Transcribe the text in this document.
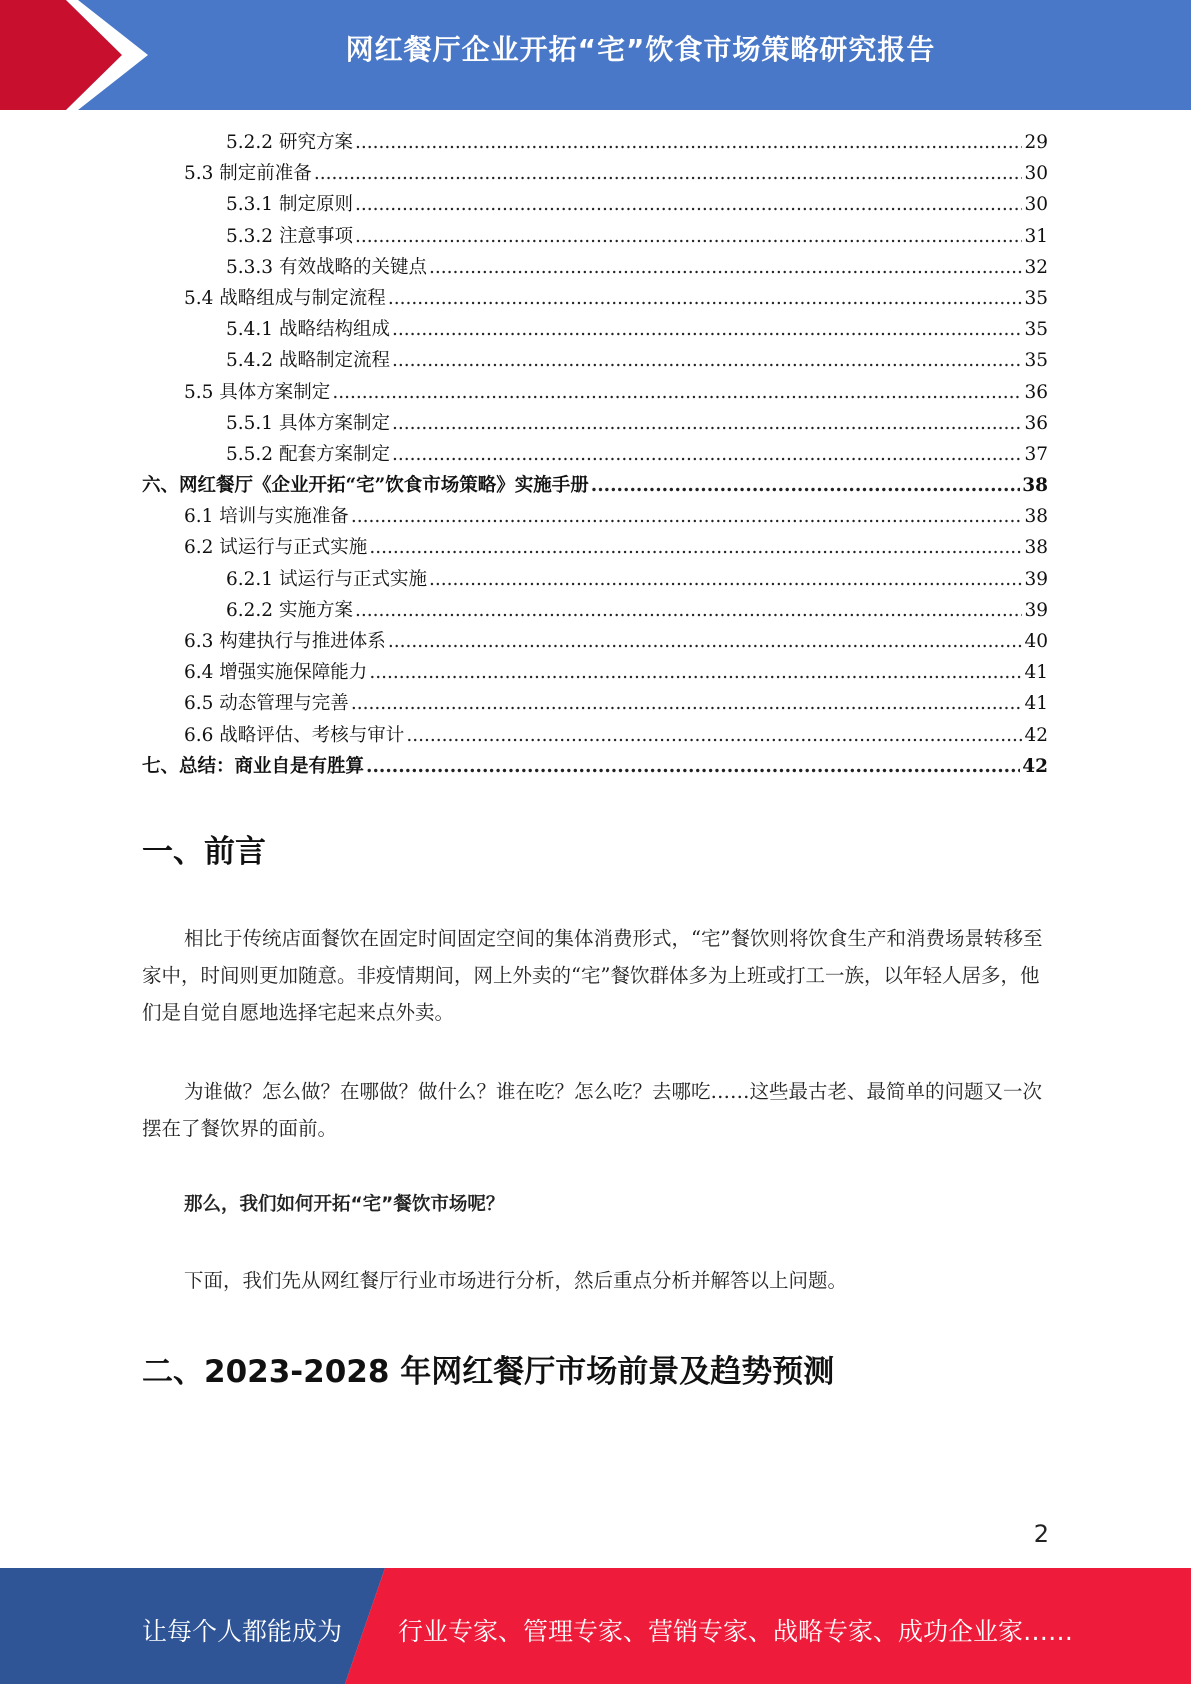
网红餐厅企业开拓“宅”饮食市场策略研究报告
5.2.2 研究方案 .....	29
5.3 制定前准备 .....	30
5.3.1 制定原则 .....	30
5.3.2 注意事项 .....	31
5.3.3 有效战略的关键点 .....	32
5.4 战略组成与制定流程 .....	35
5.4.1 战略结构组成 .....	35
5.4.2 战略制定流程 .....	35
5.5 具体方案制定 .....	36
5.5.1 具体方案制定 .....	36
5.5.2 配套方案制定 .....	37
六、网红餐厅《企业开拓“宅”饮食市场策略》实施手册 .....	38
6.1 培训与实施准备 .....	38
6.2 试运行与正式实施 .....	38
6.2.1 试运行与正式实施 .....	39
6.2.2 实施方案 .....	39
6.3 构建执行与推进体系 .....	40
6.4 增强实施保障能力 .....	41
6.5 动态管理与完善 .....	41
6.6 战略评估、考核与审计 .....	42
七、总结：商业自是有胜算 .....	42
一、前言

相比于传统店面餐饮在固定时间固定空间的集体消费形式，“宅”餐饮则将饮食生产和消费场景转移至家中，时间则更加随意。非疫情期间，网上外卖的“宅”餐饮群体多为上班或打工一族，以年轻人居多，他们是自觉自愿地选择宅起来点外卖。

为谁做？怎么做？在哪做？做什么？谁在吃？怎么吃？去哪吃……这些最古老、最简单的问题又一次摆在了餐饮界的面前。

那么，我们如何开拓“宅”餐饮市场呢？

下面，我们先从网红餐厅行业市场进行分析，然后重点分析并解答以上问题。

二、2023-2028 年网红餐厅市场前景及趋势预测
2
让每个人都能成为 行业专家、管理专家、营销专家、战略专家、成功企业家……
